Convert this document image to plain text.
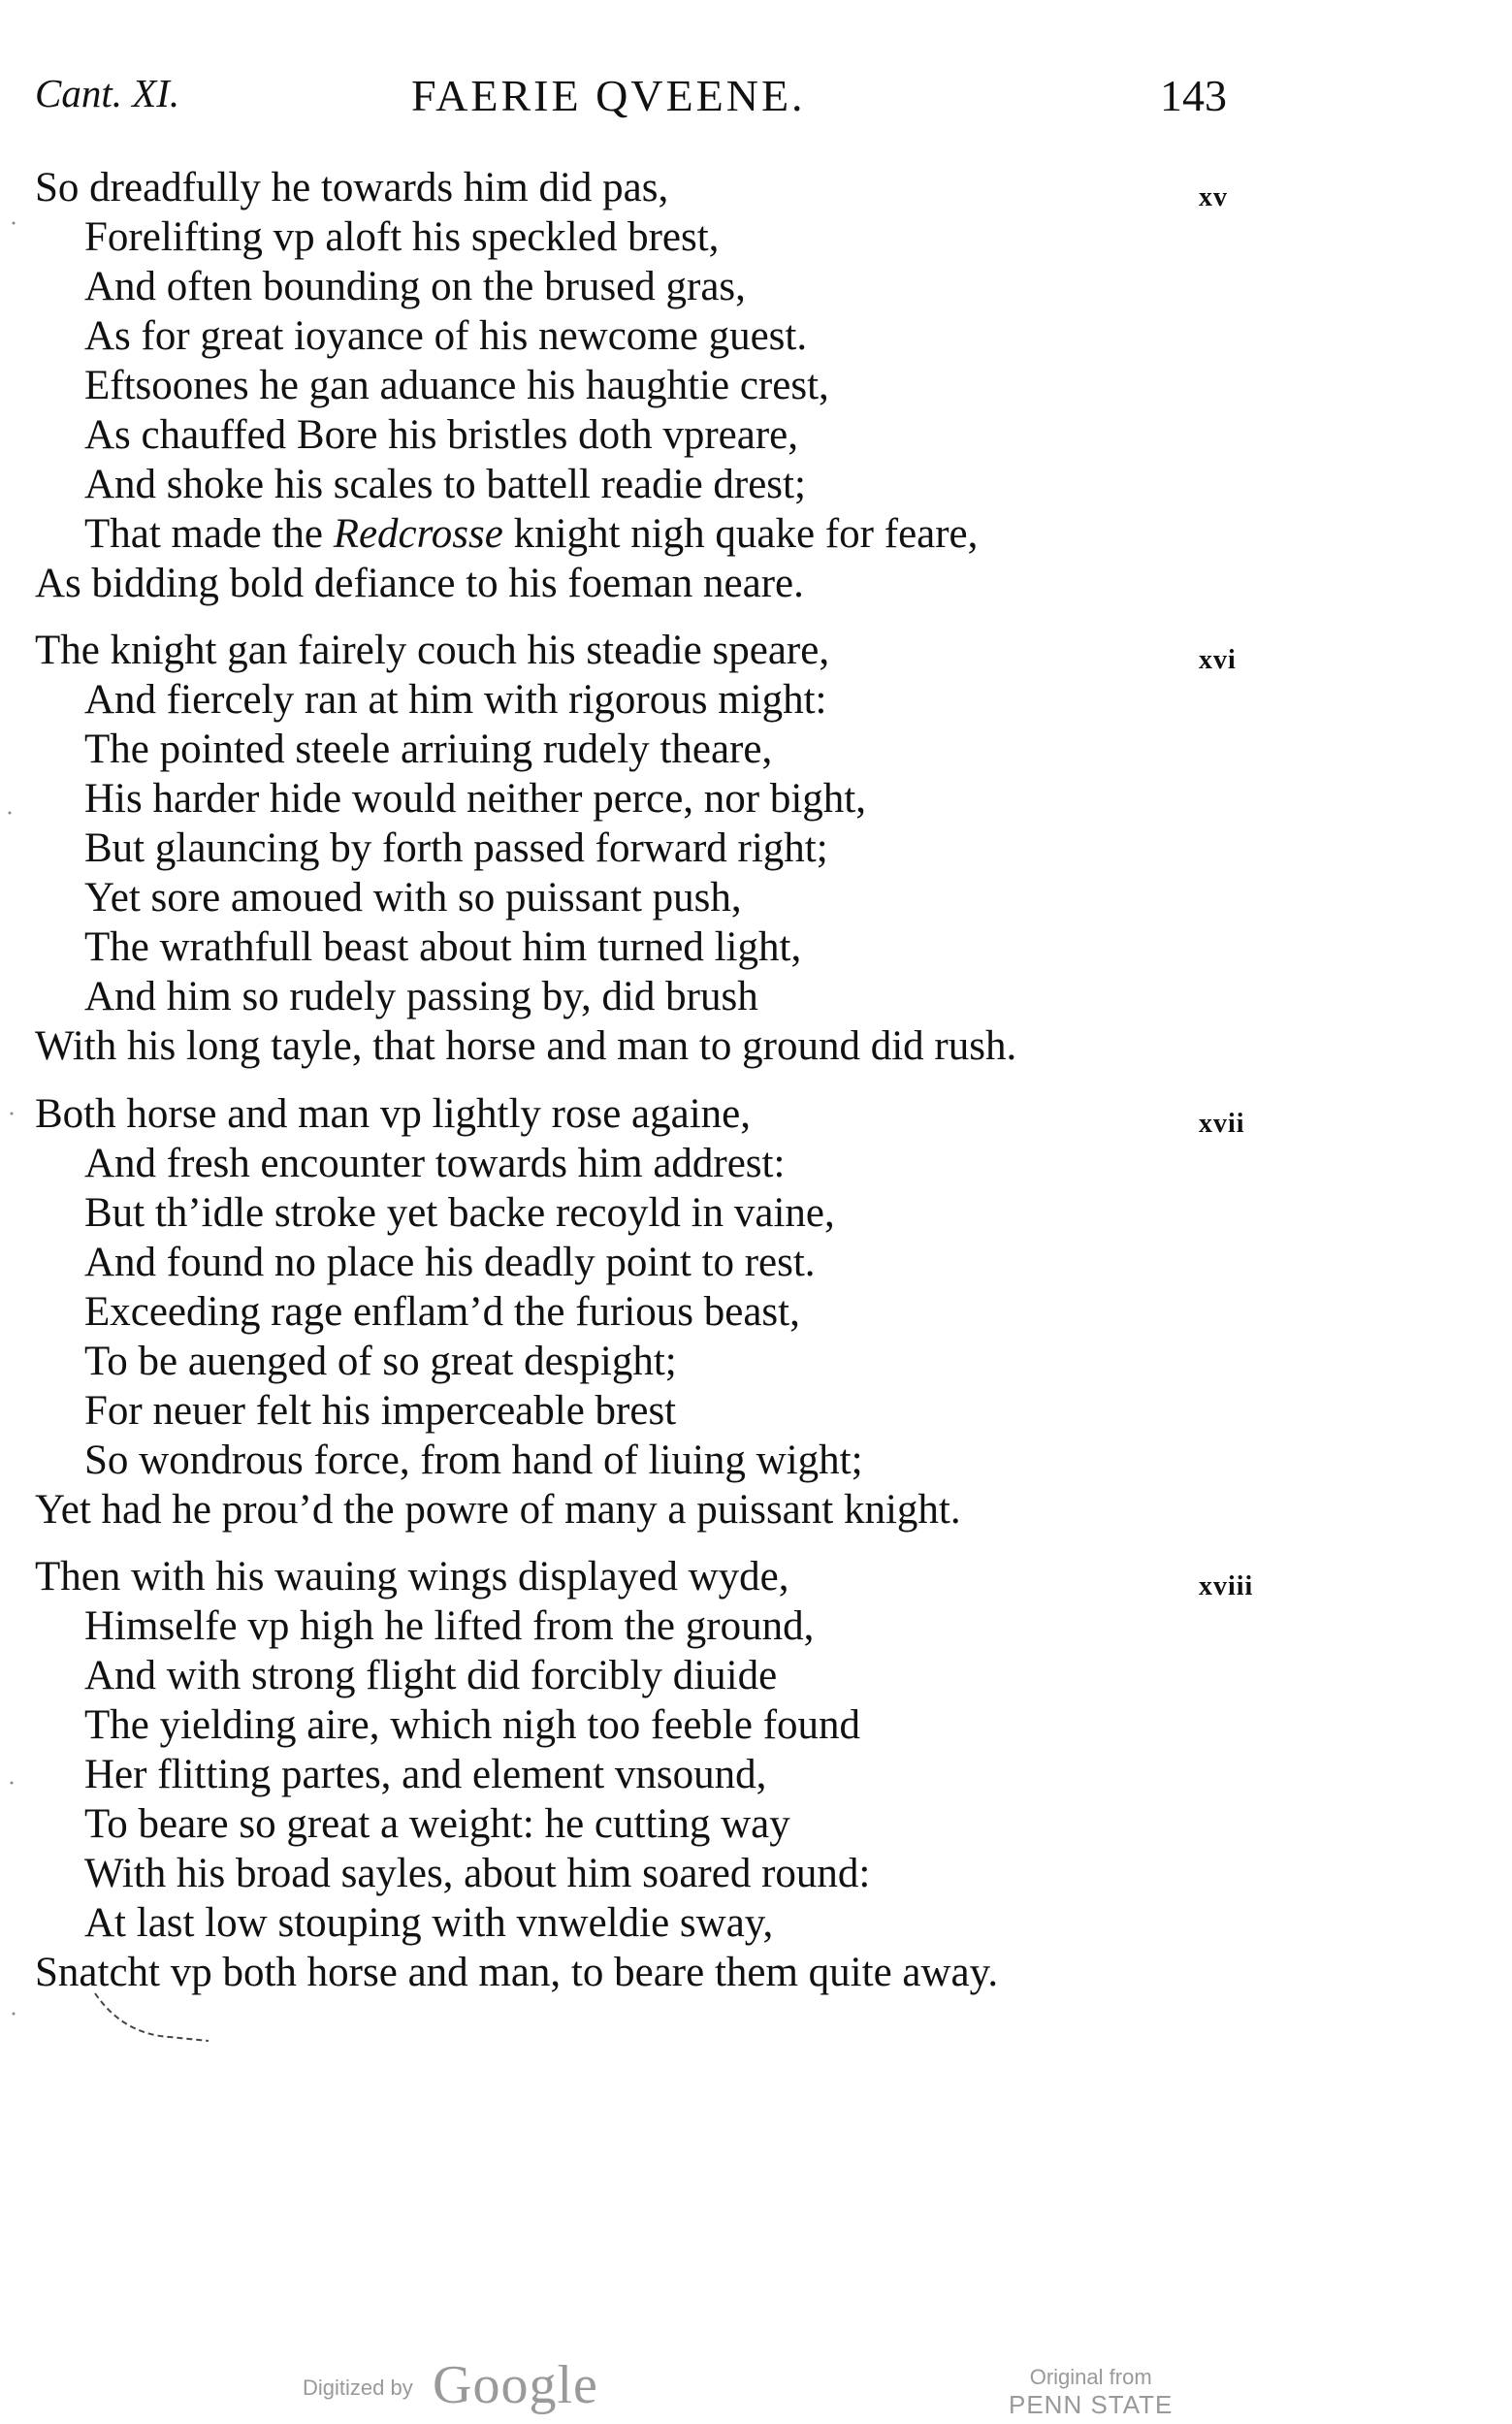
Cant. XI.	FAERIE QVEENE.	143
So dreadfully he towards him did pas,	xv
Forelifting vp aloft his speckled brest,
And often bounding on the brused gras,
As for great ioyance of his newcome guest.
Eftsoones he gan aduance his haughtie crest,
As chauffed Bore his bristles doth vpreare,
And shoke his scales to battell readie drest;
That made the Redcrosse knight nigh quake for feare,
As bidding bold defiance to his foeman neare.
The knight gan fairely couch his steadie speare,	xvi
And fiercely ran at him with rigorous might:
The pointed steele arriuing rudely theare,
His harder hide would neither perce, nor bight,
But glauncing by forth passed forward right;
Yet sore amoued with so puissant push,
The wrathfull beast about him turned light,
And him so rudely passing by, did brush
With his long tayle, that horse and man to ground did rush.
Both horse and man vp lightly rose againe,	xvii
And fresh encounter towards him addrest:
But th’idle stroke yet backe recoyld in vaine,
And found no place his deadly point to rest.
Exceeding rage enflam’d the furious beast,
To be auenged of so great despight;
For neuer felt his imperceable brest
So wondrous force, from hand of liuing wight;
Yet had he prou’d the powre of many a puissant knight.
Then with his wauing wings displayed wyde,	xviii
Himselfe vp high he lifted from the ground,
And with strong flight did forcibly diuide
The yielding aire, which nigh too feeble found
Her flitting partes, and element vnsound,
To beare so great a weight: he cutting way
With his broad sayles, about him soared round:
At last low stouping with vnweldie sway,
Snatcht vp both horse and man, to beare them quite away.
Digitized by Google	Original from
PENN STATE
